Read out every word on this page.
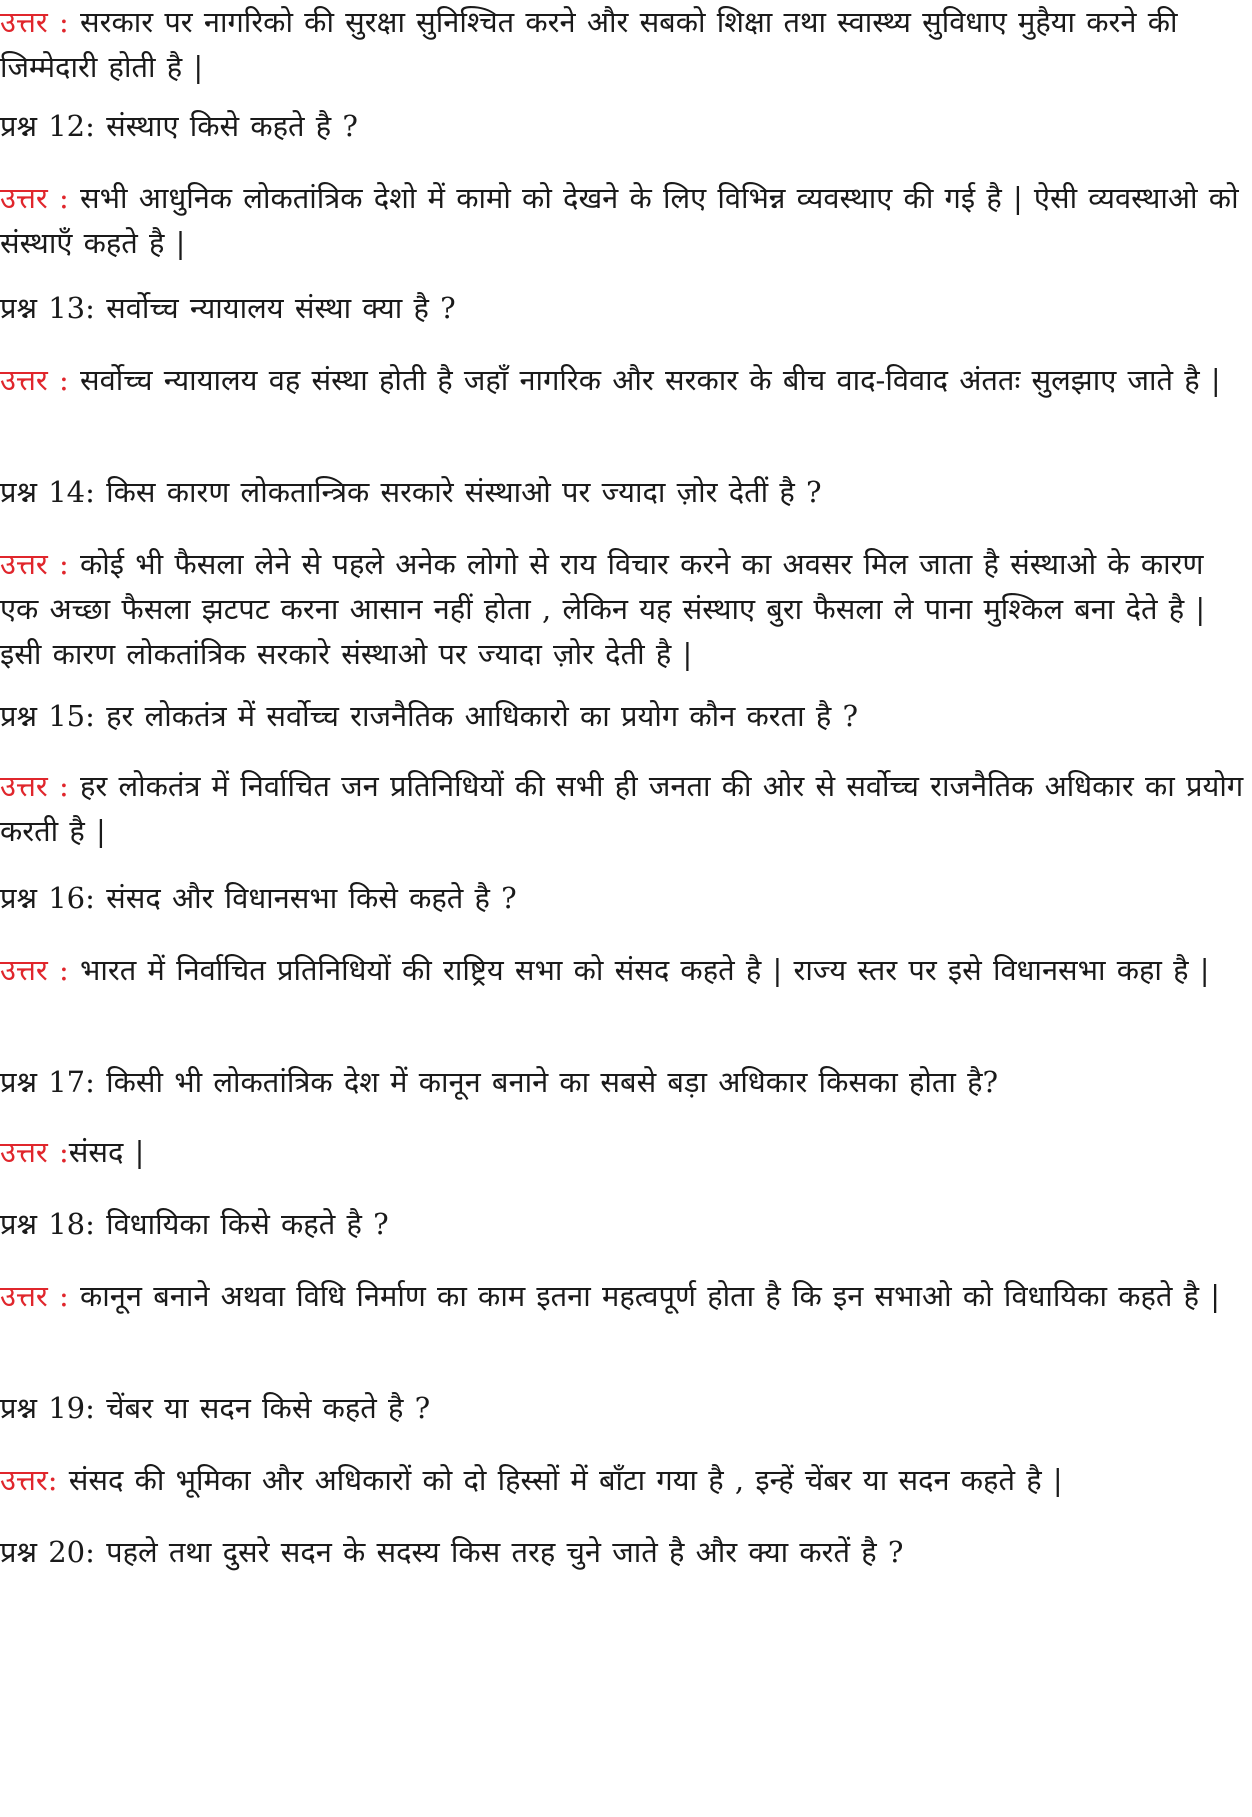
उत्तर : सरकार पर नागरिको की सुरक्षा सुनिश्चित करने और सबको शिक्षा तथा स्वास्थ्य सुविधाए मुहैया करने की जिम्मेदारी होती है |

प्रश्न 12: संस्थाए किसे कहते है ?

उत्तर : सभी आधुनिक लोकतांत्रिक देशो में कामो को देखने के लिए विभिन्न व्यवस्थाए की गई है | ऐसी व्यवस्थाओ को संस्थाएँ कहते है |

प्रश्न 13: सर्वोच्च न्यायालय संस्था क्या है ?

उत्तर : सर्वोच्च न्यायालय वह संस्था होती है जहाँ नागरिक और सरकार के बीच वाद-विवाद अंततः सुलझाए जाते है |

प्रश्न 14: किस कारण लोकतान्त्रिक सरकारे संस्थाओ पर ज्यादा ज़ोर देतीं है ?

उत्तर : कोई भी फैसला लेने से पहले अनेक लोगो से राय विचार करने का अवसर मिल जाता है संस्थाओ के कारण एक अच्छा फैसला झटपट करना आसान नहीं होता , लेकिन यह संस्थाए बुरा फैसला ले पाना मुश्किल बना देते है | इसी कारण लोकतांत्रिक सरकारे संस्थाओ पर ज्यादा ज़ोर देती है |

प्रश्न 15: हर लोकतंत्र में सर्वोच्च राजनैतिक आधिकारो का प्रयोग कौन करता है ?

उत्तर : हर लोकतंत्र में निर्वाचित जन प्रतिनिधियों की सभी ही जनता की ओर से सर्वोच्च राजनैतिक अधिकार का प्रयोग करती है |

प्रश्न 16: संसद और विधानसभा किसे कहते है ?

उत्तर : भारत में निर्वाचित प्रतिनिधियों की राष्ट्रिय सभा को संसद कहते है | राज्य स्तर पर इसे विधानसभा कहा है |

प्रश्न 17: किसी भी लोकतांत्रिक देश में कानून बनाने का सबसे बड़ा अधिकार किसका होता है?

उत्तर :संसद |

प्रश्न 18: विधायिका किसे कहते है ?

उत्तर : कानून बनाने अथवा विधि निर्माण का काम इतना महत्वपूर्ण होता है कि इन सभाओ को विधायिका कहते है |

प्रश्न 19: चेंबर या सदन किसे कहते है ?

उत्तर: संसद की भूमिका और अधिकारों को दो हिस्सों में बाँटा गया है , इन्हें चेंबर या सदन कहते है |

प्रश्न 20: पहले तथा दुसरे सदन के सदस्य किस तरह चुने जाते है और क्या करतें है ?
